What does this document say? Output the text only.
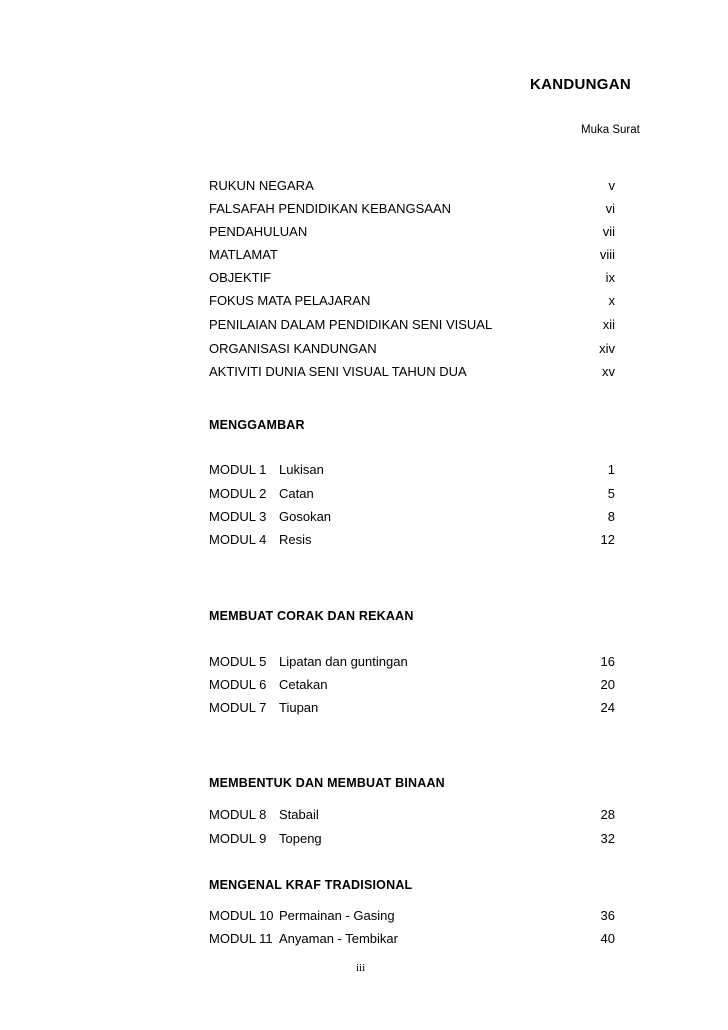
KANDUNGAN
Muka Surat
RUKUN NEGARA	v
FALSAFAH PENDIDIKAN KEBANGSAAN	vi
PENDAHULUAN	vii
MATLAMAT	viii
OBJEKTIF	ix
FOKUS MATA PELAJARAN	x
PENILAIAN DALAM PENDIDIKAN SENI VISUAL	xii
ORGANISASI KANDUNGAN	xiv
AKTIVITI DUNIA SENI VISUAL TAHUN DUA	xv
MENGGAMBAR
MODUL 1 Lukisan	1
MODUL 2 Catan	5
MODUL 3 Gosokan	8
MODUL 4 Resis	12
MEMBUAT CORAK DAN REKAAN
MODUL 5 Lipatan dan guntingan	16
MODUL 6 Cetakan	20
MODUL 7 Tiupan	24
MEMBENTUK DAN MEMBUAT BINAAN
MODUL 8 Stabail	28
MODUL 9 Topeng	32
MENGENAL KRAF TRADISIONAL
MODUL 10 Permainan - Gasing	36
MODUL 11 Anyaman - Tembikar	40
iii
